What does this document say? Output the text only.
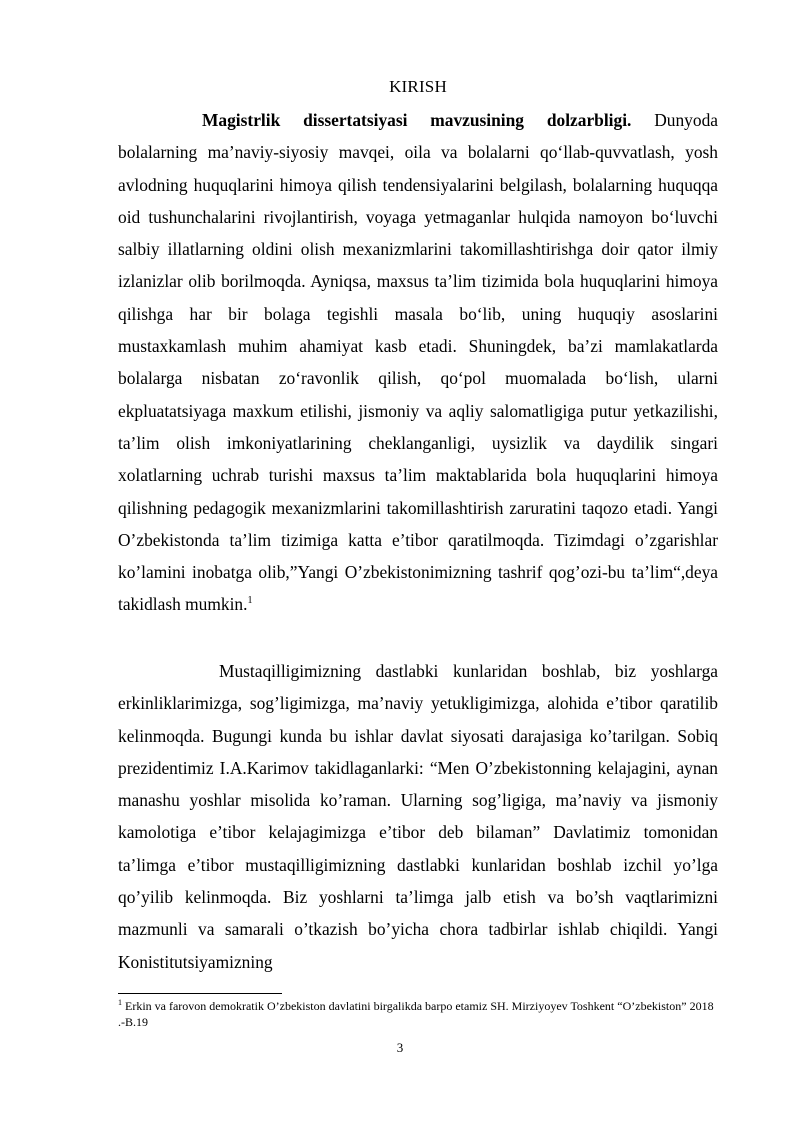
KIRISH
Magistrlik dissertatsiyasi mavzusining dolzarbligi. Dunyoda bolalarning ma’naviy-siyosiy mavqei, oila va bolalarni qo‘llab-quvvatlash, yosh avlodning huquqlarini himoya qilish tendensiyalarini belgilash, bolalarning huquqqa oid tushunchalarini rivojlantirish, voyaga yetmaganlar hulqida namoyon bo‘luvchi salbiy illatlarning oldini olish mexanizmlarini takomillashtirishga doir qator ilmiy izlanizlar olib borilmoqda. Ayniqsa, maxsus ta’lim tizimida bola huquqlarini himoya qilishga har bir bolaga tegishli masala bo‘lib, uning huquqiy asoslarini mustaxkamlash muhim ahamiyat kasb etadi. Shuningdek, ba’zi mamlakatlarda bolalarga nisbatan zo‘ravonlik qilish, qo‘pol muomalada bo‘lish, ularni ekpluatatsiyaga maxkum etilishi, jismoniy va aqliy salomatligiga putur yetkazilishi, ta’lim olish imkoniyatlarining cheklanganligi, uysizlik va daydilik singari xolatlarning uchrab turishi maxsus ta’lim maktablarida bola huquqlarini himoya qilishning pedagogik mexanizmlarini takomillashtirish zaruratini taqozo etadi. Yangi O’zbekistonda ta’lim tizimiga katta e’tibor qaratilmoqda. Tizimdagi o’zgarishlar ko’lamini inobatga olib,”Yangi O’zbekistonimizning tashrif qog’ozi-bu ta’lim“,deya takidlash mumkin.$^1$
Mustaqilligimizning dastlabki kunlaridan boshlab, biz yoshlarga erkinliklarimizga, sog’ligimizga, ma’naviy yetukligimizga, alohida e’tibor qaratilib kelinmoqda. Bugungi kunda bu ishlar davlat siyosati darajasiga ko’tarilgan. Sobiq prezidentimiz I.A.Karimov takidlaganlarki: “Men O’zbekistonning kelajagini, aynan manashu yoshlar misolida ko’raman. Ularning sog’ligiga, ma’naviy va jismoniy kamolotiga e’tibor kelajagimizga e’tibor deb bilaman” Davlatimiz tomonidan ta’limga e’tibor mustaqilligimizning dastlabki kunlaridan boshlab izchil yo’lga qo’yilib kelinmoqda. Biz yoshlarni ta’limga jalb etish va bo’sh vaqtlarimizni mazmunli va samarali o’tkazish bo’yicha chora tadbirlar ishlab chiqildi. Yangi Konistitutsiyamizning
$^1$ Erkin va farovon demokratik O’zbekiston davlatini birgalikda barpo etamiz SH. Mirziyoyev Toshkent “O’zbekiston” 2018 .-B.19
3
